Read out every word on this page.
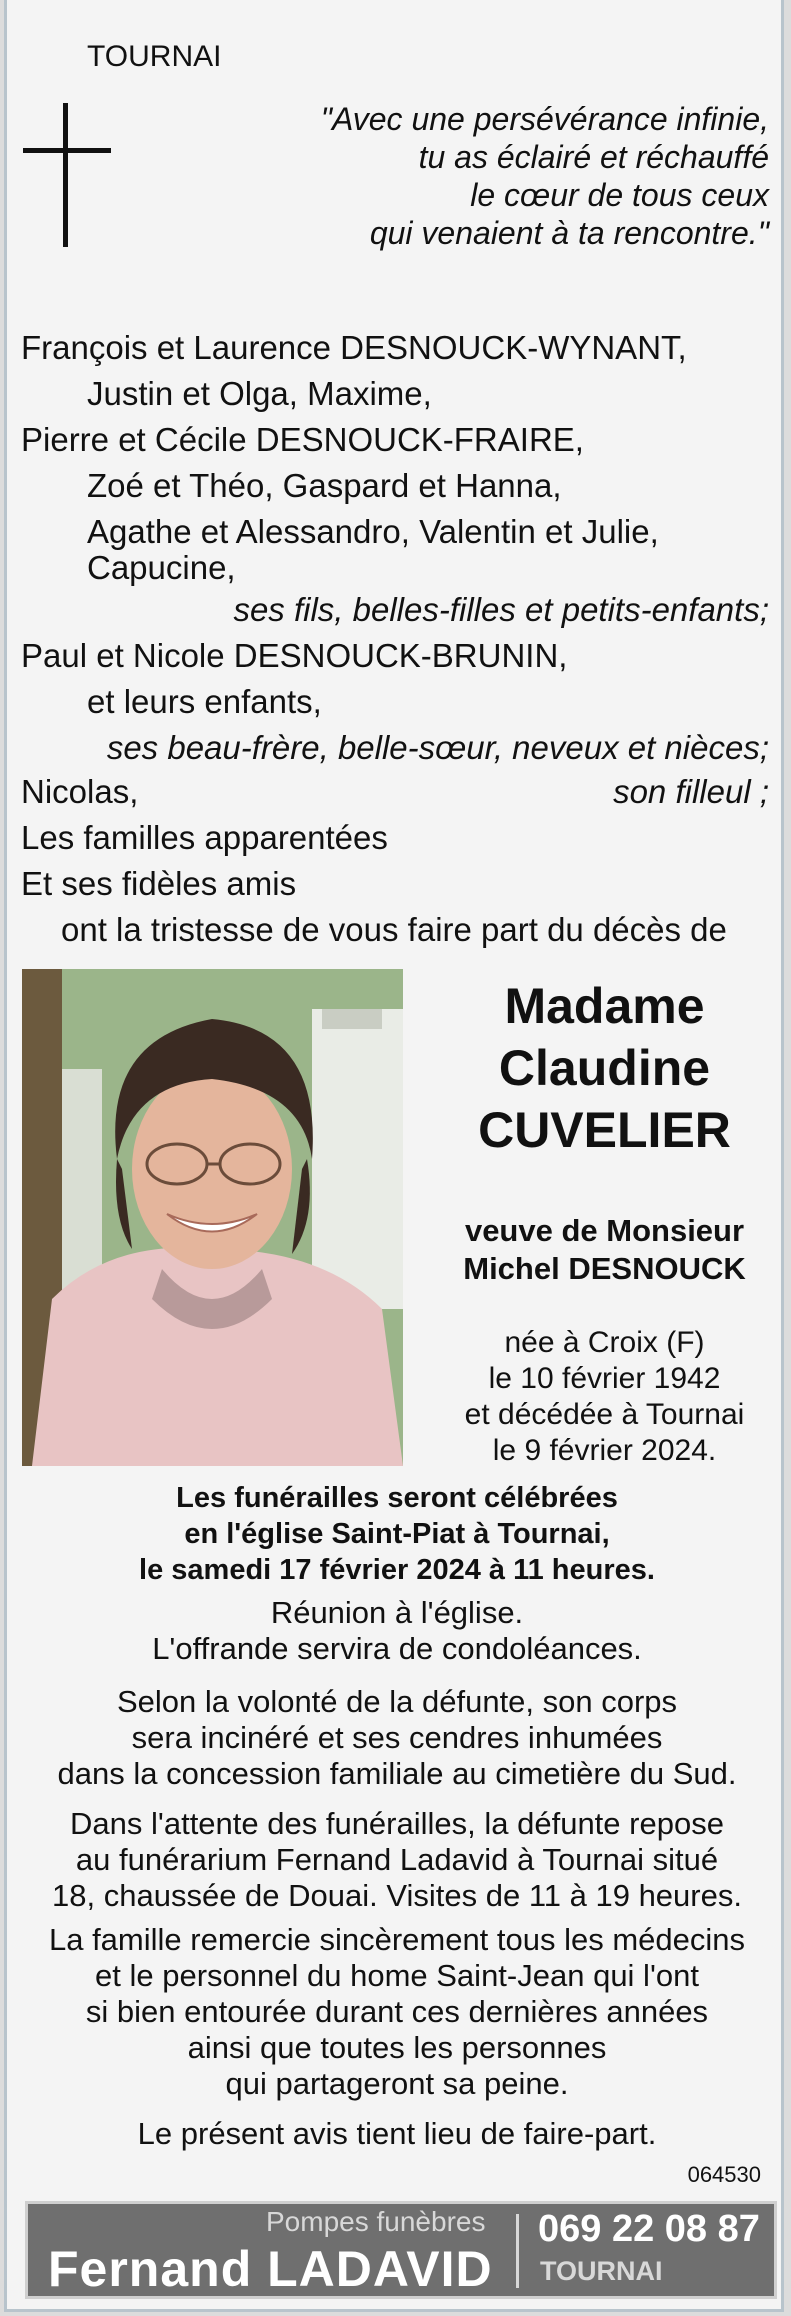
TOURNAI
"Avec une persévérance infinie,
tu as éclairé et réchauffé
le cœur de tous ceux
qui venaient à ta rencontre."
François et Laurence DESNOUCK-WYNANT,
Justin et Olga, Maxime,
Pierre et Cécile DESNOUCK-FRAIRE,
Zoé et Théo, Gaspard et Hanna,
Agathe et Alessandro, Valentin et Julie,
Capucine,
ses fils, belles-filles et petits-enfants;
Paul et Nicole DESNOUCK-BRUNIN,
et leurs enfants,
ses beau-frère, belle-sœur, neveux et nièces;
Nicolas,	son filleul ;
Les familles apparentées
Et ses fidèles amis
ont la tristesse de vous faire part du décès de
Madame
Claudine
CUVELIER
veuve de Monsieur
Michel DESNOUCK
née à Croix (F)
le 10 février 1942
et décédée à Tournai
le 9 février 2024.
Les funérailles seront célébrées
en l'église Saint-Piat à Tournai,
le samedi 17 février 2024 à 11 heures.
Réunion à l'église.
L'offrande servira de condoléances.
Selon la volonté de la défunte, son corps
sera incinéré et ses cendres inhumées
dans la concession familiale au cimetière du Sud.
Dans l'attente des funérailles, la défunte repose
au funérarium Fernand Ladavid à Tournai situé
18, chaussée de Douai. Visites de 11 à 19 heures.
La famille remercie sincèrement tous les médecins
et le personnel du home Saint-Jean qui l'ont
si bien entourée durant ces dernières années
ainsi que toutes les personnes
qui partageront sa peine.
Le présent avis tient lieu de faire-part.
064530
Pompes funèbres
Fernand LADAVID
069 22 08 87
TOURNAI
